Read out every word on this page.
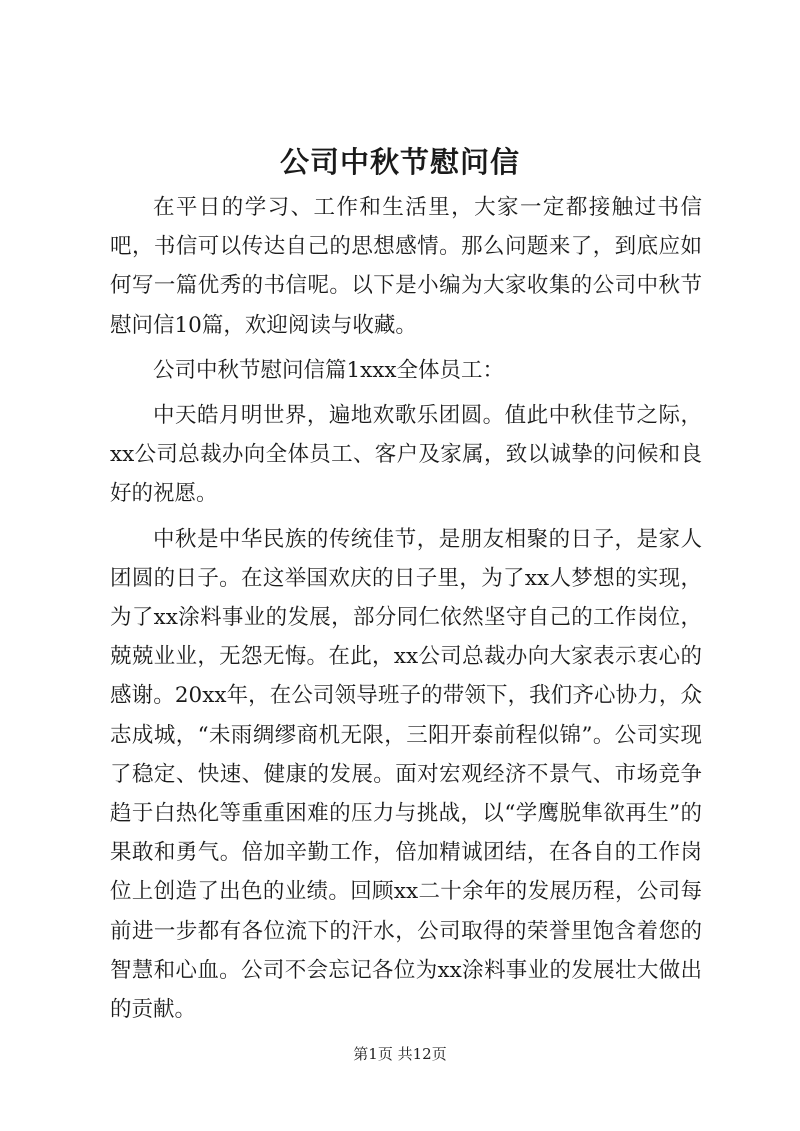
公司中秋节慰问信

在平日的学习、工作和生活里，大家一定都接触过书信吧，书信可以传达自己的思想感情。那么问题来了，到底应如何写一篇优秀的书信呢。以下是小编为大家收集的公司中秋节慰问信10篇，欢迎阅读与收藏。

公司中秋节慰问信篇1xxx全体员工：

中天皓月明世界，遍地欢歌乐团圆。值此中秋佳节之际，xx公司总裁办向全体员工、客户及家属，致以诚挚的问候和良好的祝愿。

中秋是中华民族的传统佳节，是朋友相聚的日子，是家人团圆的日子。在这举国欢庆的日子里，为了xx人梦想的实现，为了xx涂料事业的发展，部分同仁依然坚守自己的工作岗位，兢兢业业，无怨无悔。在此，xx公司总裁办向大家表示衷心的感谢。20xx年，在公司领导班子的带领下，我们齐心协力，众志成城，“未雨绸缪商机无限，三阳开泰前程似锦”。公司实现了稳定、快速、健康的发展。面对宏观经济不景气、市场竞争趋于白热化等重重困难的压力与挑战，以“学鹰脱隼欲再生”的果敢和勇气。倍加辛勤工作，倍加精诚团结，在各自的工作岗位上创造了出色的业绩。回顾xx二十余年的发展历程，公司每前进一步都有各位流下的汗水，公司取得的荣誉里饱含着您的智慧和心血。公司不会忘记各位为xx涂料事业的发展壮大做出的贡献。

第1页 共12页
